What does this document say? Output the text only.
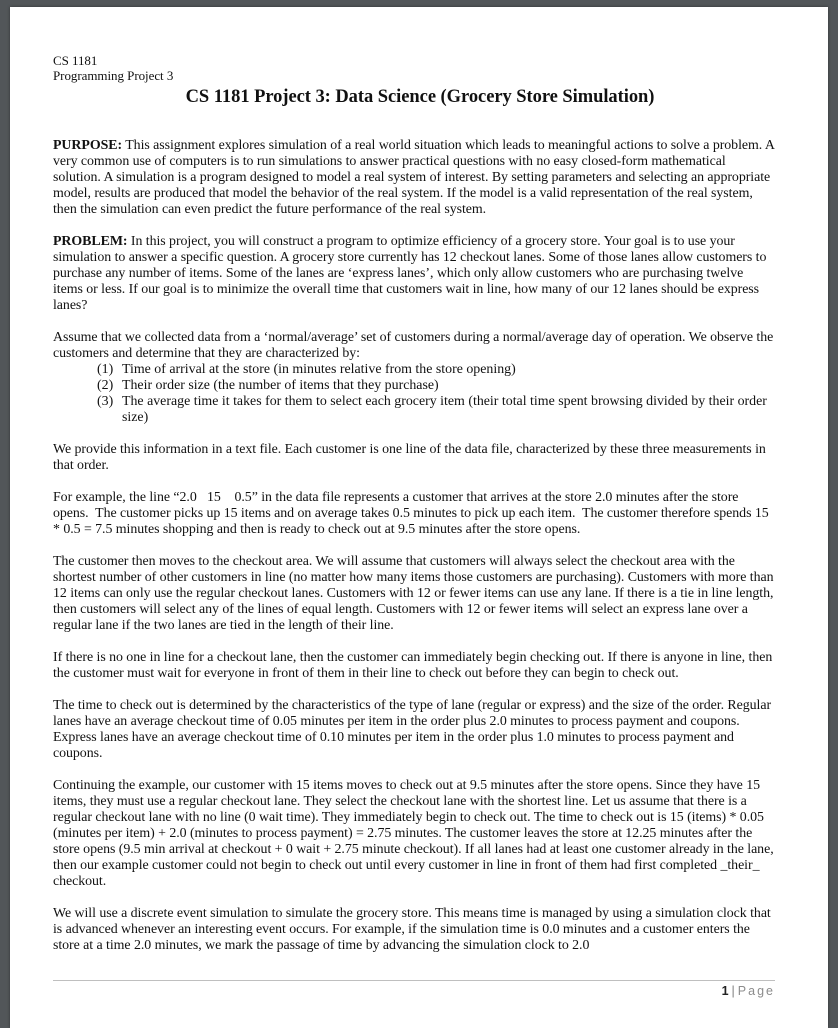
CS 1181

Programming Project 3

CS 1181 Project 3: Data Science (Grocery Store Simulation)

PURPOSE: This assignment explores simulation of a real world situation which leads to meaningful actions to solve a problem. A very common use of computers is to run simulations to answer practical questions with no easy closed-form mathematical solution. A simulation is a program designed to model a real system of interest. By setting parameters and selecting an appropriate model, results are produced that model the behavior of the real system. If the model is a valid representation of the real system, then the simulation can even predict the future performance of the real system.

PROBLEM: In this project, you will construct a program to optimize efficiency of a grocery store. Your goal is to use your simulation to answer a specific question. A grocery store currently has 12 checkout lanes. Some of those lanes allow customers to purchase any number of items. Some of the lanes are ‘express lanes’, which only allow customers who are purchasing twelve items or less. If our goal is to minimize the overall time that customers wait in line, how many of our 12 lanes should be express lanes?

Assume that we collected data from a ‘normal/average’ set of customers during a normal/average day of operation. We observe the customers and determine that they are characterized by:

(1) Time of arrival at the store (in minutes relative from the store opening)
(2) Their order size (the number of items that they purchase)
(3) The average time it takes for them to select each grocery item (their total time spent browsing divided by their order size)

We provide this information in a text file. Each customer is one line of the data file, characterized by these three measurements in that order.

For example, the line “2.0   15    0.5” in the data file represents a customer that arrives at the store 2.0 minutes after the store opens.  The customer picks up 15 items and on average takes 0.5 minutes to pick up each item.  The customer therefore spends 15 * 0.5 = 7.5 minutes shopping and then is ready to check out at 9.5 minutes after the store opens.

The customer then moves to the checkout area. We will assume that customers will always select the checkout area with the shortest number of other customers in line (no matter how many items those customers are purchasing). Customers with more than 12 items can only use the regular checkout lanes. Customers with 12 or fewer items can use any lane. If there is a tie in line length, then customers will select any of the lines of equal length. Customers with 12 or fewer items will select an express lane over a regular lane if the two lanes are tied in the length of their line.

If there is no one in line for a checkout lane, then the customer can immediately begin checking out. If there is anyone in line, then the customer must wait for everyone in front of them in their line to check out before they can begin to check out.

The time to check out is determined by the characteristics of the type of lane (regular or express) and the size of the order. Regular lanes have an average checkout time of 0.05 minutes per item in the order plus 2.0 minutes to process payment and coupons. Express lanes have an average checkout time of 0.10 minutes per item in the order plus 1.0 minutes to process payment and coupons.

Continuing the example, our customer with 15 items moves to check out at 9.5 minutes after the store opens. Since they have 15 items, they must use a regular checkout lane. They select the checkout lane with the shortest line. Let us assume that there is a regular checkout lane with no line (0 wait time). They immediately begin to check out. The time to check out is 15 (items) * 0.05 (minutes per item) + 2.0 (minutes to process payment) = 2.75 minutes. The customer leaves the store at 12.25 minutes after the store opens (9.5 min arrival at checkout + 0 wait + 2.75 minute checkout). If all lanes had at least one customer already in the lane, then our example customer could not begin to check out until every customer in line in front of them had first completed _their_ checkout.

We will use a discrete event simulation to simulate the grocery store. This means time is managed by using a simulation clock that is advanced whenever an interesting event occurs. For example, if the simulation time is 0.0 minutes and a customer enters the store at a time 2.0 minutes, we mark the passage of time by advancing the simulation clock to 2.0

1 | Page
